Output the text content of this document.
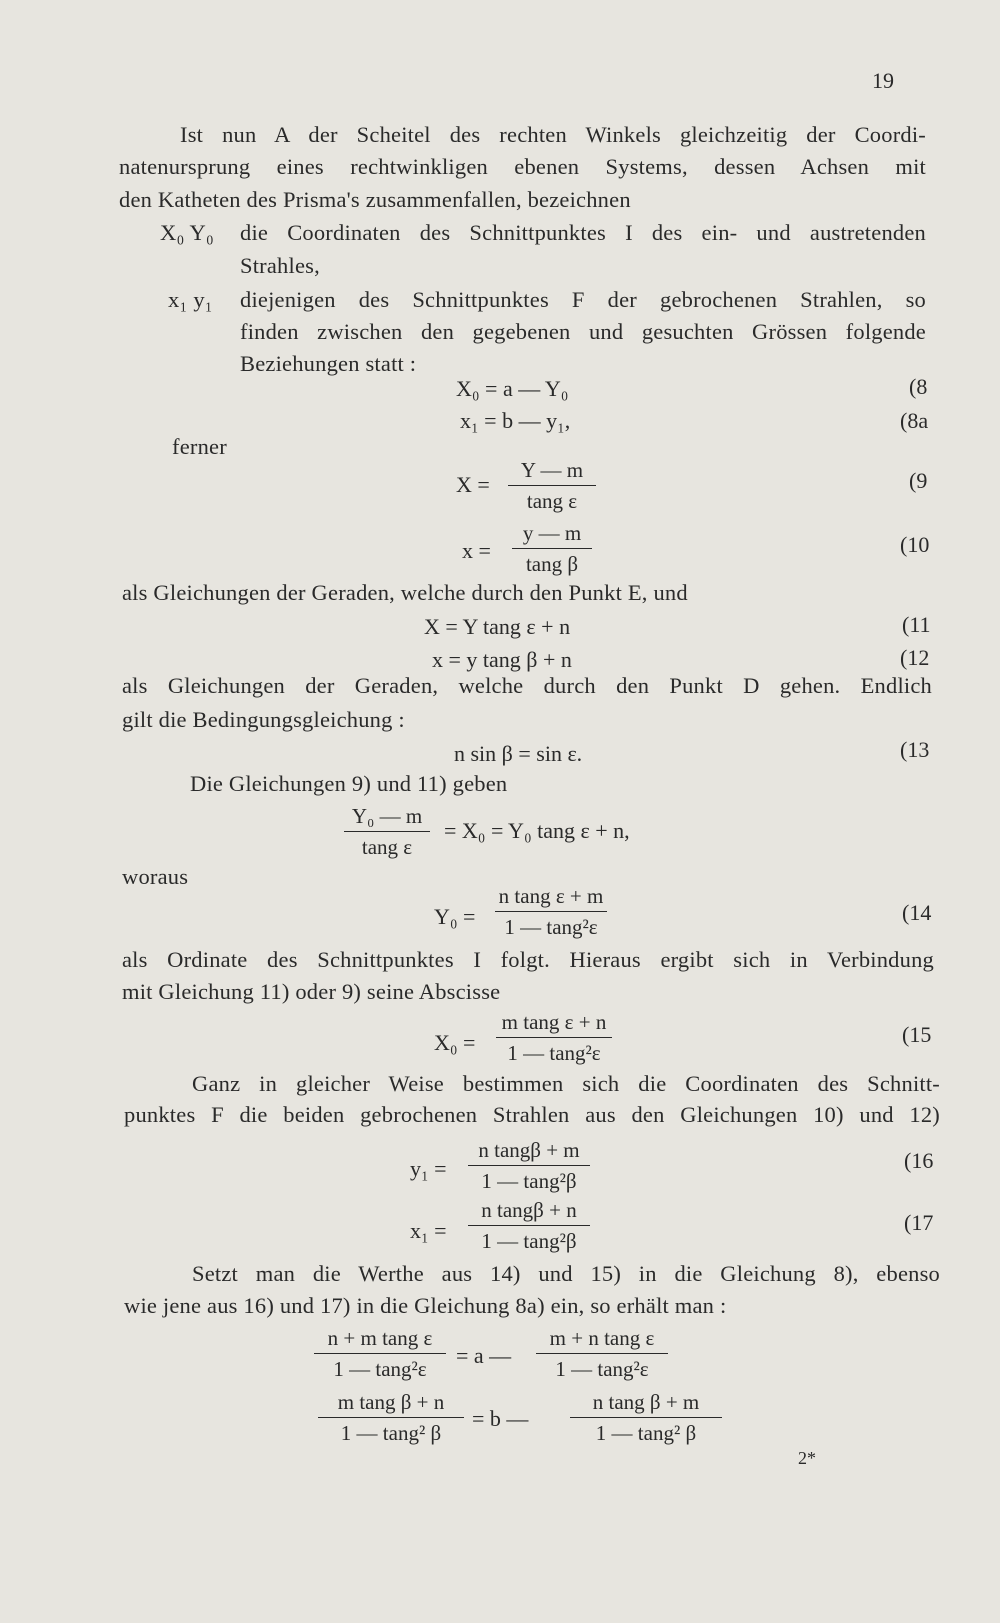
19
Ist nun A der Scheitel des rechten Winkels gleichzeitig der Coordi-
natenursprung eines rechtwinkligen ebenen Systems, dessen Achsen mit
den Katheten des Prisma's zusammenfallen, bezeichnen
X₀ Y₀ die Coordinaten des Schnittpunktes I des ein- und austretenden
Strahles,
x₁ y₁ diejenigen des Schnittpunktes F der gebrochenen Strahlen, so
finden zwischen den gegebenen und gesuchten Grössen folgende
Beziehungen statt :
X₀ = a — Y₀	(8
x₁ = b — y₁,	(8a
ferner
X =
Y — m
tang ε
(9
x =
y — m
tang β
(10
als Gleichungen der Geraden, welche durch den Punkt E, und
X = Y tang ε + n	(11
x = y tang β + n	(12
als Gleichungen der Geraden, welche durch den Punkt D gehen. Endlich
gilt die Bedingungsgleichung :
n sin β = sin ε.	(13
Die Gleichungen 9) und 11) geben
Y₀ — m
tang ε
= X₀ = Y₀ tang ε + n,
woraus
Y₀ =
n tang ε + m
1 — tang²ε
(14
als Ordinate des Schnittpunktes I folgt. Hieraus ergibt sich in Verbindung
mit Gleichung 11) oder 9) seine Abscisse
X₀ =
m tang ε + n
1 — tang²ε
(15
Ganz in gleicher Weise bestimmen sich die Coordinaten des Schnitt-
punktes F die beiden gebrochenen Strahlen aus den Gleichungen 10) und 12)
y₁ =
n tangβ + m
1 — tang²β
(16
x₁ =
n tangβ + n
1 — tang²β
(17
Setzt man die Werthe aus 14) und 15) in die Gleichung 8), ebenso
wie jene aus 16) und 17) in die Gleichung 8a) ein, so erhält man :
n + m tang ε
1 — tang²ε
= a —
m + n tang ε
1 — tang²ε
m tang β + n
1 — tang² β
= b —
n tang β + m
1 — tang² β
2*
